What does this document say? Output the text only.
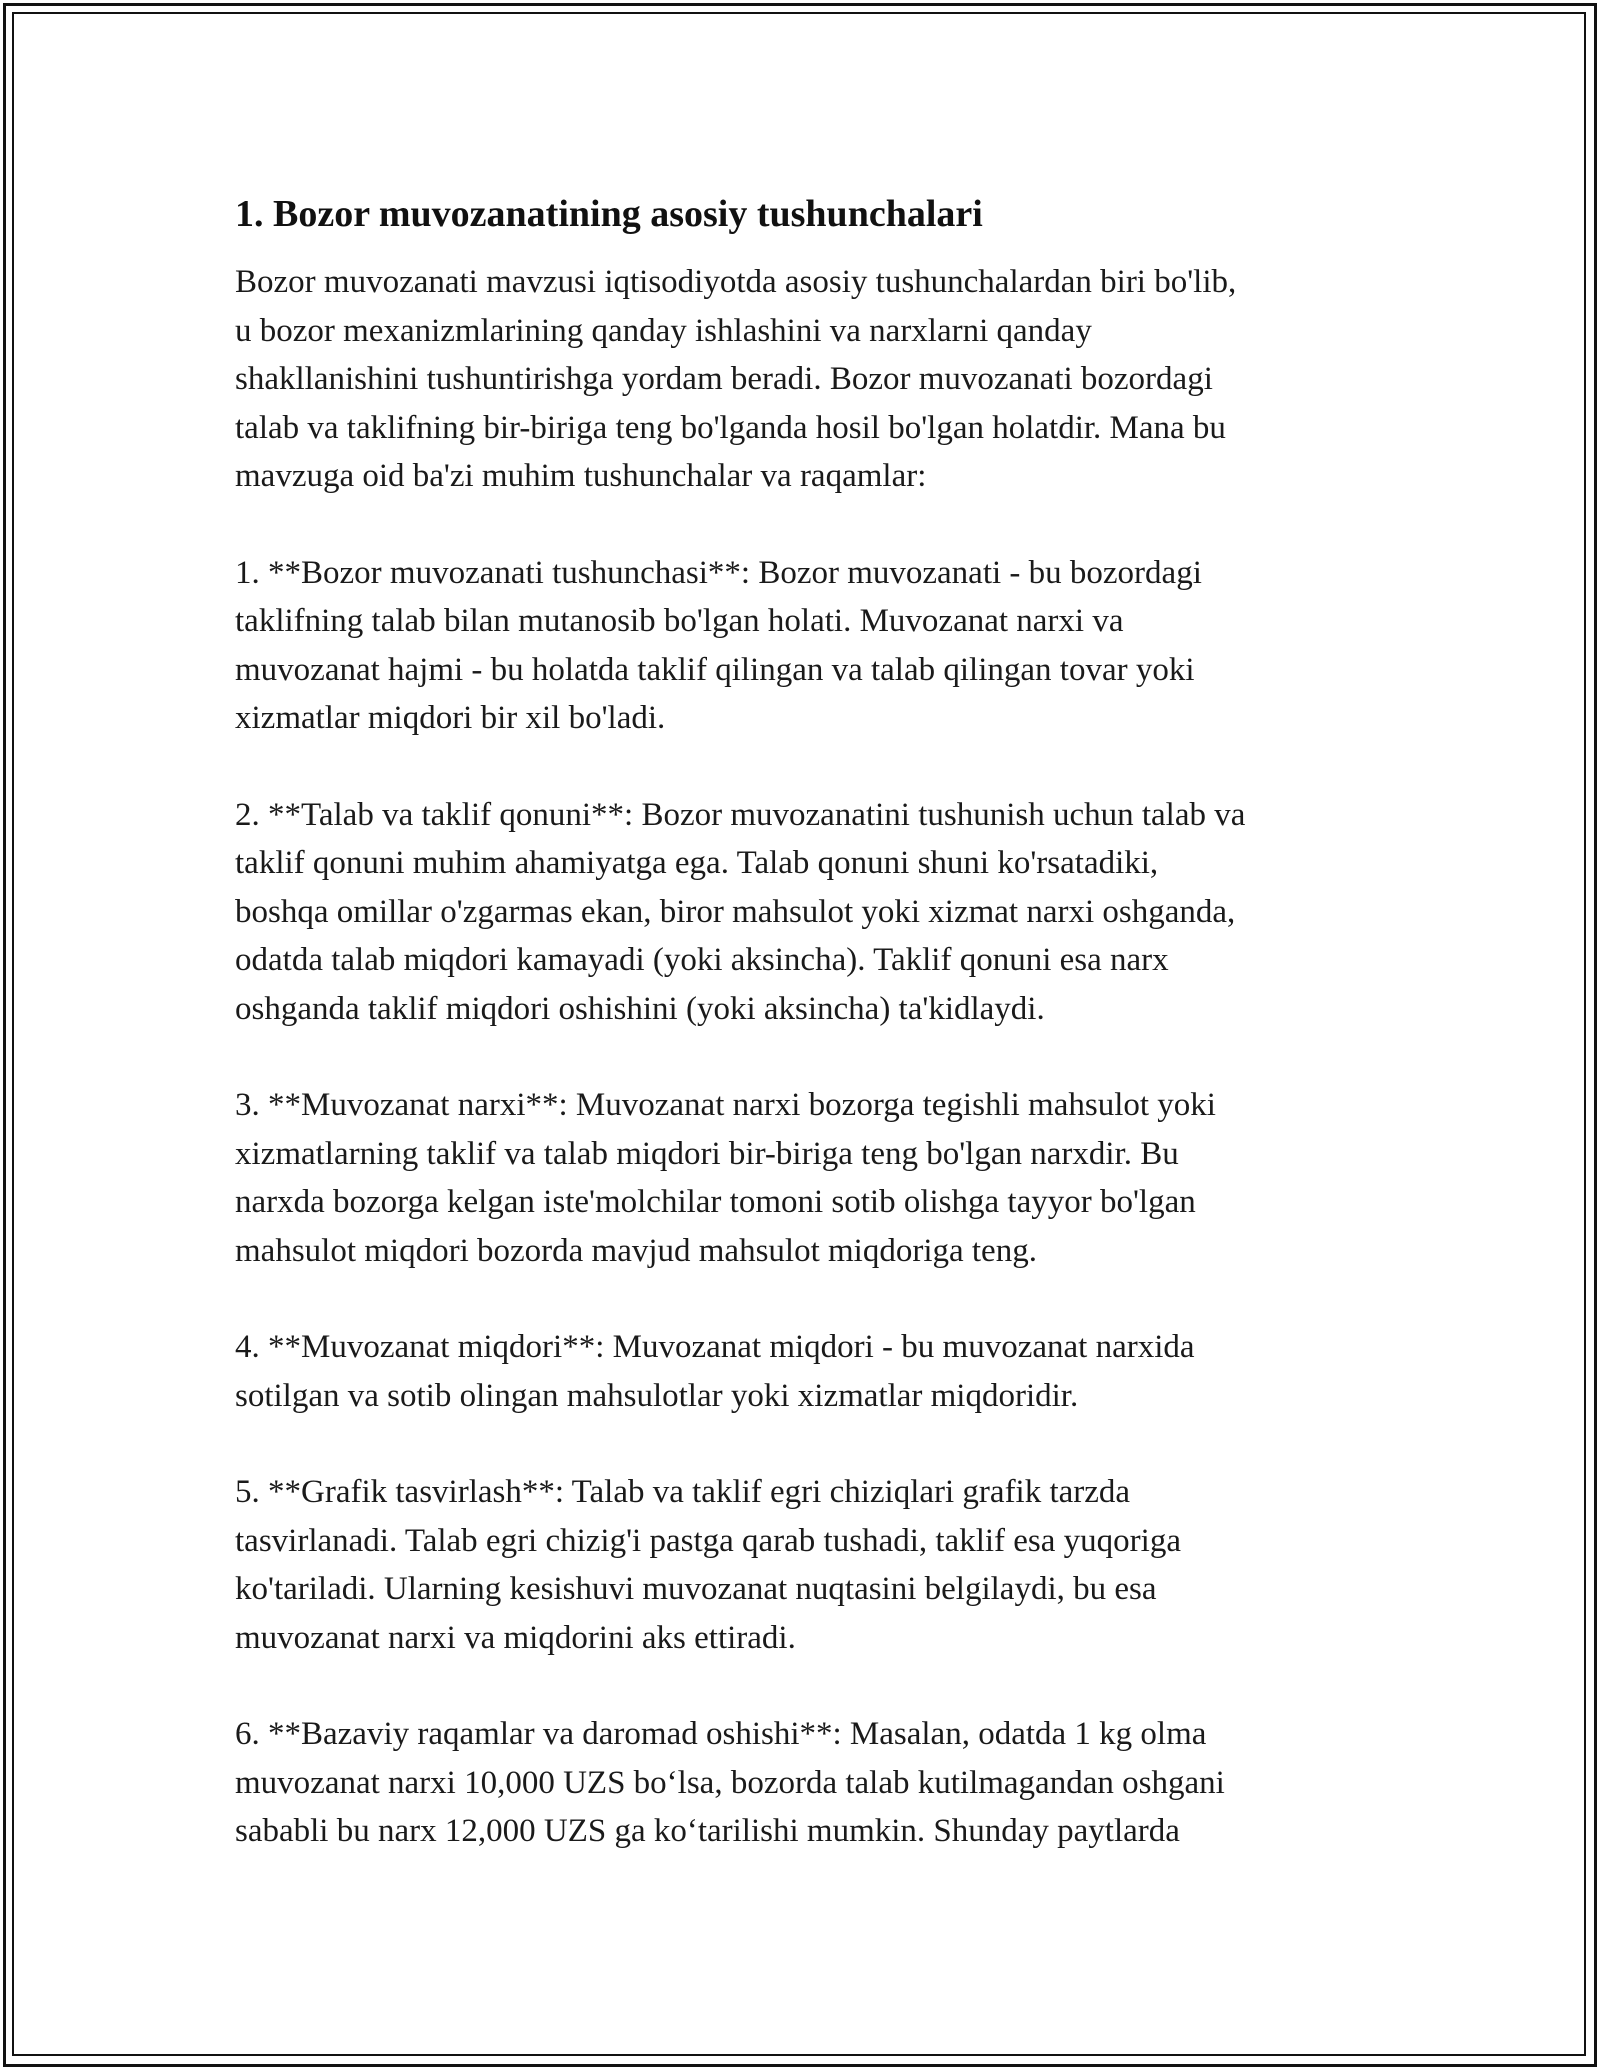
1. Bozor muvozanatining asosiy tushunchalari

Bozor muvozanati mavzusi iqtisodiyotda asosiy tushunchalardan biri bo'lib,
u bozor mexanizmlarining qanday ishlashini va narxlarni qanday
shakllanishini tushuntirishga yordam beradi. Bozor muvozanati bozordagi
talab va taklifning bir-biriga teng bo'lganda hosil bo'lgan holatdir. Mana bu
mavzuga oid ba'zi muhim tushunchalar va raqamlar:

1. **Bozor muvozanati tushunchasi**: Bozor muvozanati - bu bozordagi
taklifning talab bilan mutanosib bo'lgan holati. Muvozanat narxi va
muvozanat hajmi - bu holatda taklif qilingan va talab qilingan tovar yoki
xizmatlar miqdori bir xil bo'ladi.

2. **Talab va taklif qonuni**: Bozor muvozanatini tushunish uchun talab va
taklif qonuni muhim ahamiyatga ega. Talab qonuni shuni ko'rsatadiki,
boshqa omillar o'zgarmas ekan, biror mahsulot yoki xizmat narxi oshganda,
odatda talab miqdori kamayadi (yoki aksincha). Taklif qonuni esa narx
oshganda taklif miqdori oshishini (yoki aksincha) ta'kidlaydi.

3. **Muvozanat narxi**: Muvozanat narxi bozorga tegishli mahsulot yoki
xizmatlarning taklif va talab miqdori bir-biriga teng bo'lgan narxdir. Bu
narxda bozorga kelgan iste'molchilar tomoni sotib olishga tayyor bo'lgan
mahsulot miqdori bozorda mavjud mahsulot miqdoriga teng.

4. **Muvozanat miqdori**: Muvozanat miqdori - bu muvozanat narxida
sotilgan va sotib olingan mahsulotlar yoki xizmatlar miqdoridir.

5. **Grafik tasvirlash**: Talab va taklif egri chiziqlari grafik tarzda
tasvirlanadi. Talab egri chizig'i pastga qarab tushadi, taklif esa yuqoriga
ko'tariladi. Ularning kesishuvi muvozanat nuqtasini belgilaydi, bu esa
muvozanat narxi va miqdorini aks ettiradi.

6. **Bazaviy raqamlar va daromad oshishi**: Masalan, odatda 1 kg olma
muvozanat narxi 10,000 UZS bo‘lsa, bozorda talab kutilmagandan oshgani
sababli bu narx 12,000 UZS ga ko‘tarilishi mumkin. Shunday paytlarda
